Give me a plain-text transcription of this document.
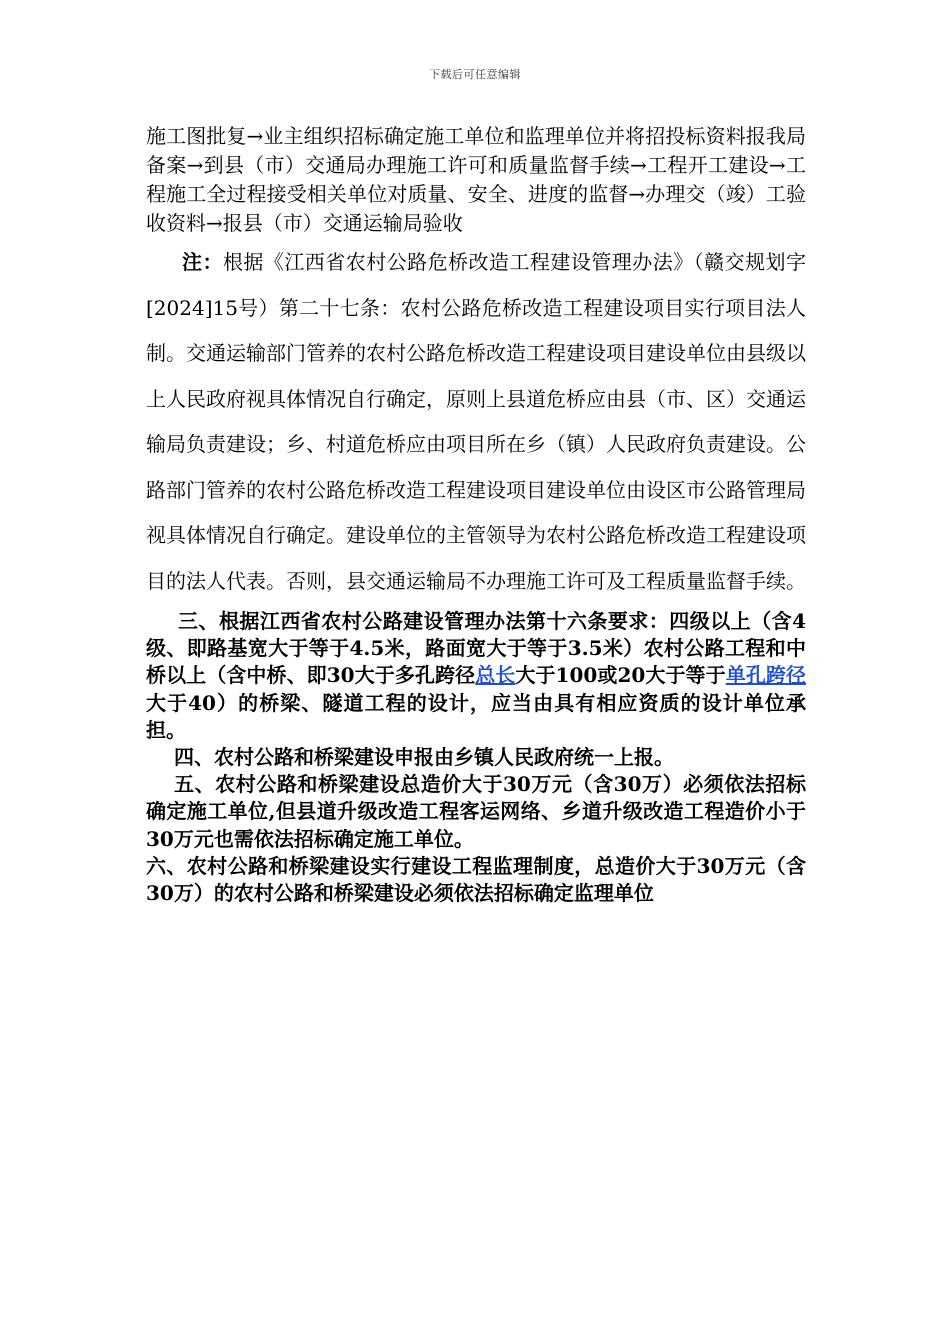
下载后可任意编辑

施工图批复→业主组织招标确定施工单位和监理单位并将招投标资料报我局备案→到县（市）交通局办理施工许可和质量监督手续→工程开工建设→工程施工全过程接受相关单位对质量、安全、进度的监督→办理交（竣）工验收资料→报县（市）交通运输局验收

注：根据《江西省农村公路危桥改造工程建设管理办法》（赣交规划字[2024]15号）第二十七条：农村公路危桥改造工程建设项目实行项目法人制。交通运输部门管养的农村公路危桥改造工程建设项目建设单位由县级以上人民政府视具体情况自行确定，原则上县道危桥应由县（市、区）交通运输局负责建设；乡、村道危桥应由项目所在乡（镇）人民政府负责建设。公路部门管养的农村公路危桥改造工程建设项目建设单位由设区市公路管理局视具体情况自行确定。建设单位的主管领导为农村公路危桥改造工程建设项目的法人代表。否则，县交通运输局不办理施工许可及工程质量监督手续。

三、根据江西省农村公路建设管理办法第十六条要求：四级以上（含4级、即路基宽大于等于4.5米，路面宽大于等于3.5米）农村公路工程和中桥以上（含中桥、即30大于多孔跨径总长大于100或20大于等于单孔跨径大于40）的桥梁、隧道工程的设计，应当由具有相应资质的设计单位承担。

四、农村公路和桥梁建设申报由乡镇人民政府统一上报。

五、农村公路和桥梁建设总造价大于30万元（含30万）必须依法招标确定施工单位,但县道升级改造工程客运网络、乡道升级改造工程造价小于30万元也需依法招标确定施工单位。

六、农村公路和桥梁建设实行建设工程监理制度，总造价大于30万元（含30万）的农村公路和桥梁建设必须依法招标确定监理单位
